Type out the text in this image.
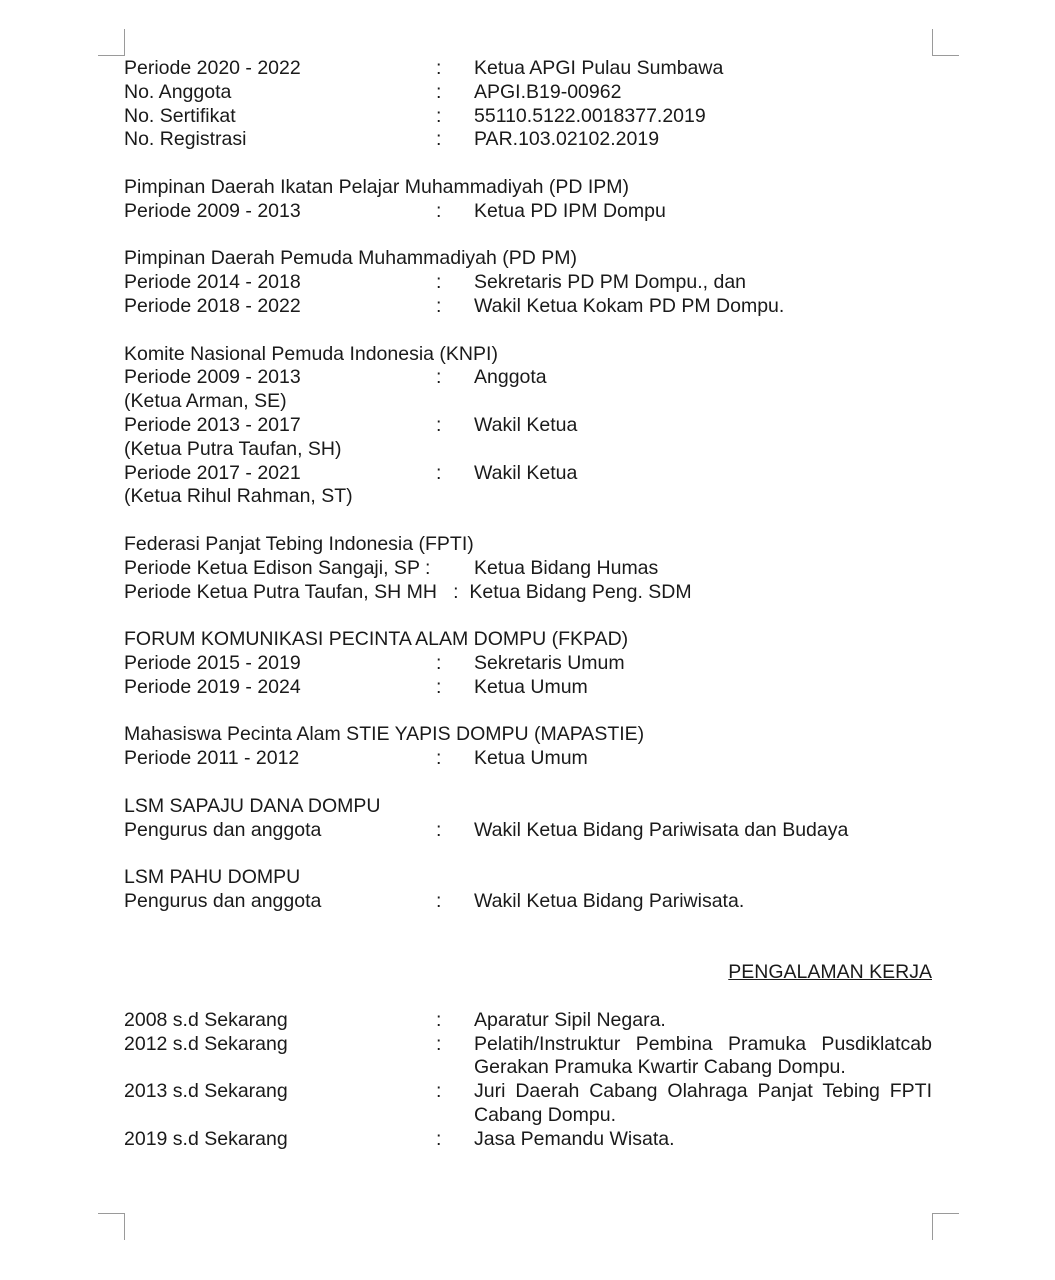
Periode 2020 - 2022	:	Ketua APGI Pulau Sumbawa
No. Anggota	:	APGI.B19-00962
No. Sertifikat	:	55110.5122.0018377.2019
No. Registrasi	:	PAR.103.02102.2019
Pimpinan Daerah Ikatan Pelajar Muhammadiyah (PD IPM)
Periode 2009 - 2013	:	Ketua PD IPM Dompu
Pimpinan Daerah Pemuda Muhammadiyah (PD PM)
Periode 2014 - 2018	:	Sekretaris PD PM Dompu., dan
Periode 2018 - 2022	:	Wakil Ketua Kokam PD PM Dompu.
Komite Nasional Pemuda Indonesia (KNPI)
Periode 2009 - 2013	:	Anggota
(Ketua Arman, SE)
Periode 2013 - 2017	:	Wakil Ketua
(Ketua Putra Taufan, SH)
Periode 2017 - 2021	:	Wakil Ketua
(Ketua Rihul Rahman, ST)
Federasi Panjat Tebing Indonesia (FPTI)
Periode Ketua Edison Sangaji, SP :	Ketua Bidang Humas
Periode Ketua Putra Taufan, SH MH   :  Ketua Bidang Peng. SDM
FORUM KOMUNIKASI PECINTA ALAM DOMPU (FKPAD)
Periode 2015 - 2019	:	Sekretaris Umum
Periode 2019 - 2024	:	Ketua Umum
Mahasiswa Pecinta Alam STIE YAPIS DOMPU (MAPASTIE)
Periode 2011 - 2012	:	Ketua Umum
LSM SAPAJU DANA DOMPU
Pengurus dan anggota	:	Wakil Ketua Bidang Pariwisata dan Budaya
LSM PAHU DOMPU
Pengurus dan anggota	:	Wakil Ketua Bidang Pariwisata.
PENGALAMAN KERJA
2008 s.d Sekarang	:	Aparatur Sipil Negara.
2012 s.d Sekarang	:	Pelatih/Instruktur Pembina Pramuka Pusdiklatcab Gerakan Pramuka Kwartir Cabang Dompu.
2013 s.d Sekarang	:	Juri Daerah Cabang Olahraga Panjat Tebing FPTI Cabang Dompu.
2019 s.d Sekarang	:	Jasa Pemandu Wisata.
